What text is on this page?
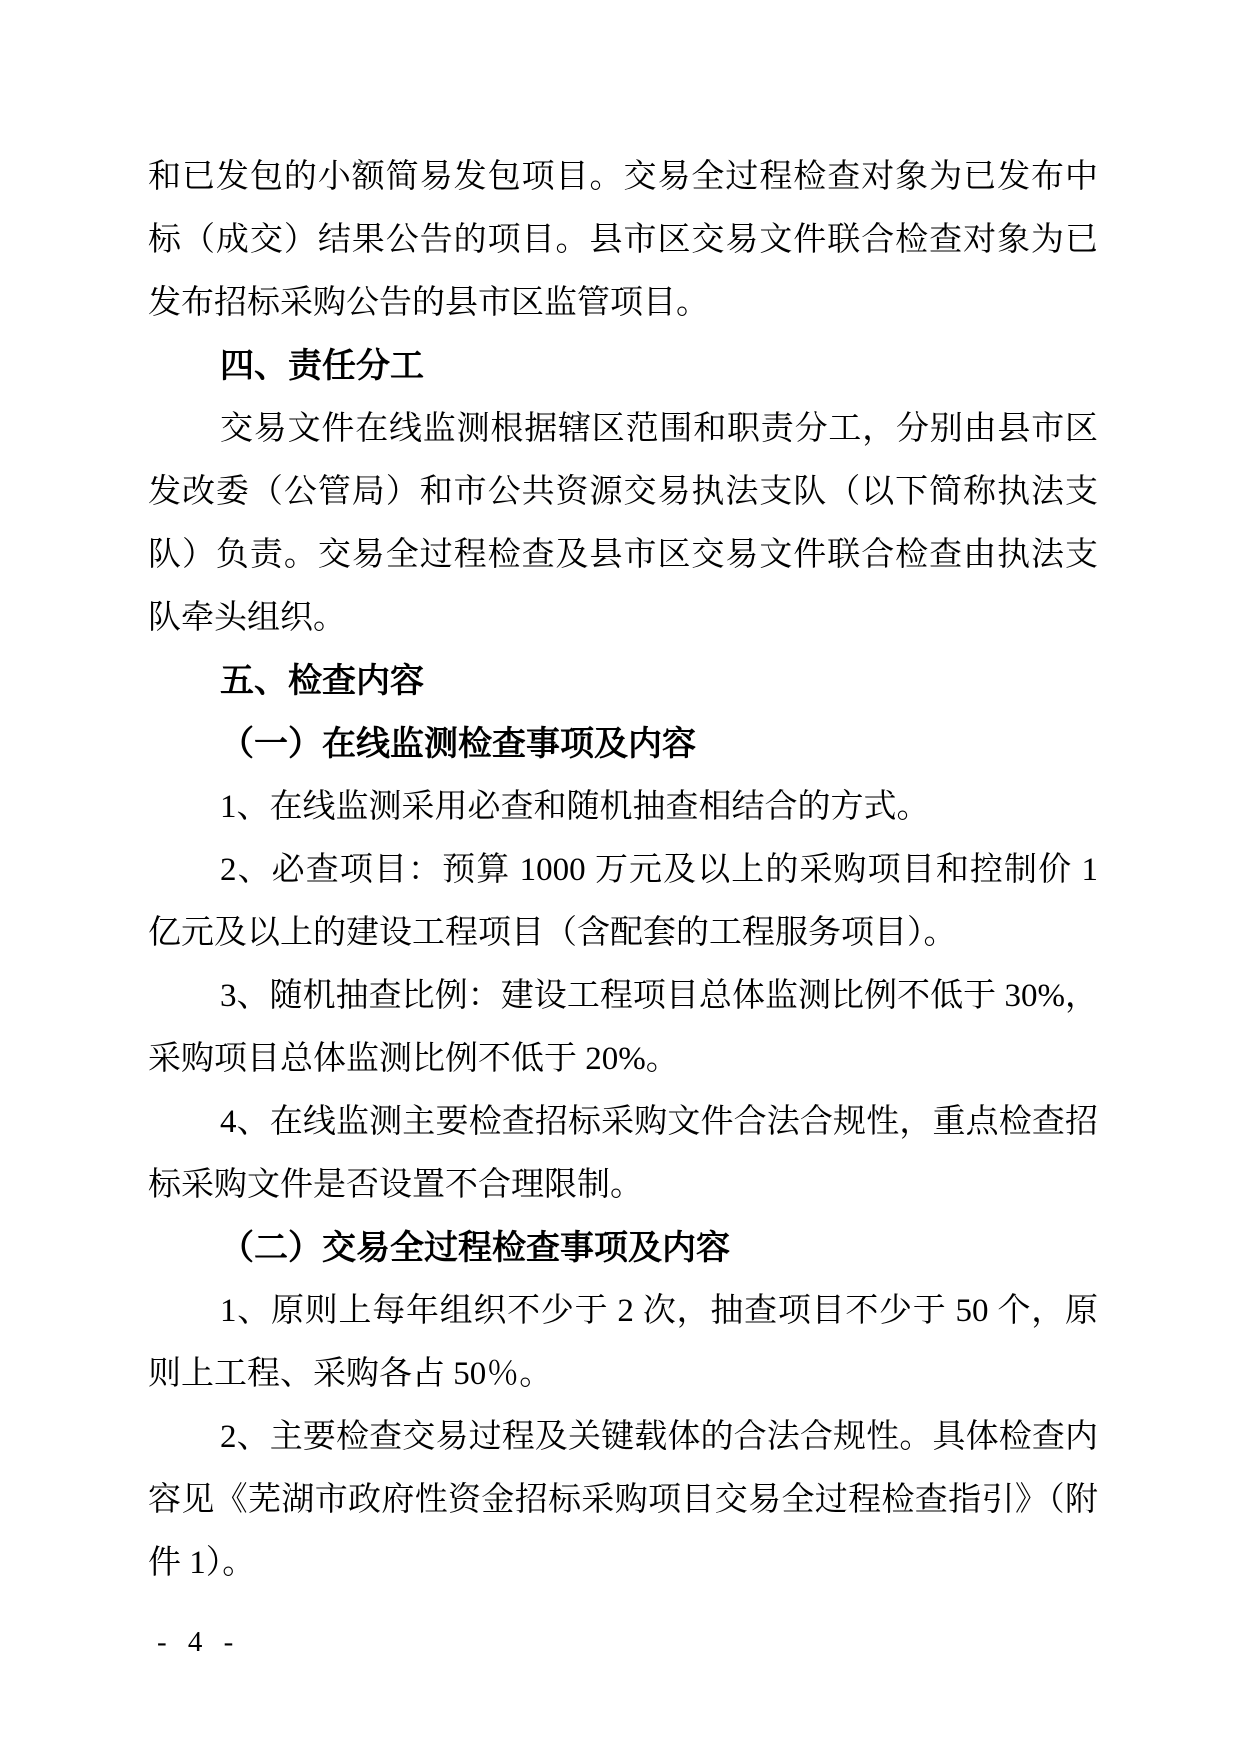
和已发包的小额简易发包项目。交易全过程检查对象为已发布中
标（成交）结果公告的项目。县市区交易文件联合检查对象为已
发布招标采购公告的县市区监管项目。
四、责任分工
交易文件在线监测根据辖区范围和职责分工，分别由县市区
发改委（公管局）和市公共资源交易执法支队（以下简称执法支
队）负责。交易全过程检查及县市区交易文件联合检查由执法支
队牵头组织。
五、检查内容
（一）在线监测检查事项及内容
1、在线监测采用必查和随机抽查相结合的方式。
2、必查项目：预算 1000 万元及以上的采购项目和控制价 1
亿元及以上的建设工程项目（含配套的工程服务项目）。
3、随机抽查比例：建设工程项目总体监测比例不低于 30%，
采购项目总体监测比例不低于 20%。
4、在线监测主要检查招标采购文件合法合规性，重点检查招
标采购文件是否设置不合理限制。
（二）交易全过程检查事项及内容
1、原则上每年组织不少于 2 次，抽查项目不少于 50 个，原
则上工程、采购各占 50％。
2、主要检查交易过程及关键载体的合法合规性。具体检查内
容见《芜湖市政府性资金招标采购项目交易全过程检查指引》（附
件 1）。
- 4 -
